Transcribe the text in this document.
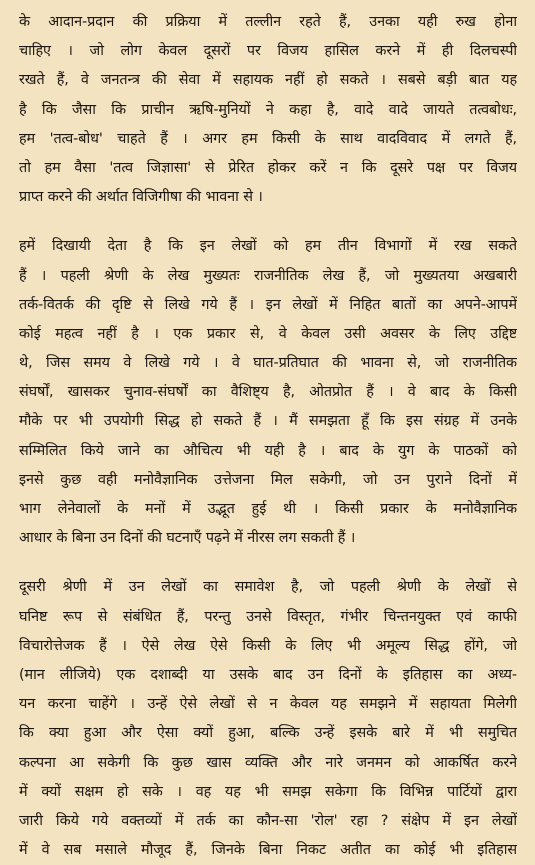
के आदान-प्रदान की प्रक्रिया में तल्लीन रहते हैं, उनका यही रुख होना
चाहिए । जो लोग केवल दूसरों पर विजय हासिल करने में ही दिलचस्पी
रखते हैं, वे जनतन्त्र की सेवा में सहायक नहीं हो सकते । सबसे बड़ी बात यह
है कि जैसा कि प्राचीन ऋषि-मुनियों ने कहा है, वादे वादे जायते तत्वबोधः,
हम 'तत्व-बोध' चाहते हैं । अगर हम किसी के साथ वादविवाद में लगते हैं,
तो हम वैसा 'तत्व जिज्ञासा' से प्रेरित होकर करें न कि दूसरे पक्ष पर विजय
प्राप्त करने की अर्थात विजिगीषा की भावना से ।
हमें दिखायी देता है कि इन लेखों को हम तीन विभागों में रख सकते
हैं । पहली श्रेणी के लेख मुख्यतः राजनीतिक लेख हैं, जो मुख्यतया अखबारी
तर्क-वितर्क की दृष्टि से लिखे गये हैं । इन लेखों में निहित बातों का अपने-आपमें
कोई महत्व नहीं है । एक प्रकार से, वे केवल उसी अवसर के लिए उद्दिष्ट
थे, जिस समय वे लिखे गये । वे घात-प्रतिघात की भावना से, जो राजनीतिक
संघर्षों, खासकर चुनाव-संघर्षों का वैशिष्ट्य है, ओतप्रोत हैं । वे बाद के किसी
मौके पर भी उपयोगी सिद्ध हो सकते हैं । मैं समझता हूँ कि इस संग्रह में उनके
सम्मिलित किये जाने का औचित्य भी यही है । बाद के युग के पाठकों को
इनसे कुछ वही मनोवैज्ञानिक उत्तेजना मिल सकेगी, जो उन पुराने दिनों में
भाग लेनेवालों के मनों में उद्भूत हुई थी । किसी प्रकार के मनोवैज्ञानिक
आधार के बिना उन दिनों की घटनाएँ पढ़ने में नीरस लग सकती हैं ।
दूसरी श्रेणी में उन लेखों का समावेश है, जो पहली श्रेणी के लेखों से
घनिष्ट रूप से संबंधित हैं, परन्तु उनसे विस्तृत, गंभीर चिन्तनयुक्त एवं काफी
विचारोत्तेजक हैं । ऐसे लेख ऐसे किसी के लिए भी अमूल्य सिद्ध होंगे, जो
(मान लीजिये) एक दशाब्दी या उसके बाद उन दिनों के इतिहास का अध्य-
यन करना चाहेंगे । उन्हें ऐसे लेखों से न केवल यह समझने में सहायता मिलेगी
कि क्या हुआ और ऐसा क्यों हुआ, बल्कि उन्हें इसके बारे में भी समुचित
कल्पना आ सकेगी कि कुछ खास व्यक्ति और नारे जनमन को आकर्षित करने
में क्यों सक्षम हो सके । वह यह भी समझ सकेगा कि विभिन्न पार्टियों द्वारा
जारी किये गये वक्तव्यों में तर्क का कौन-सा 'रोल' रहा ? संक्षेप में इन लेखों
में वे सब मसाले मौजूद हैं, जिनके बिना निकट अतीत का कोई भी इतिहास
